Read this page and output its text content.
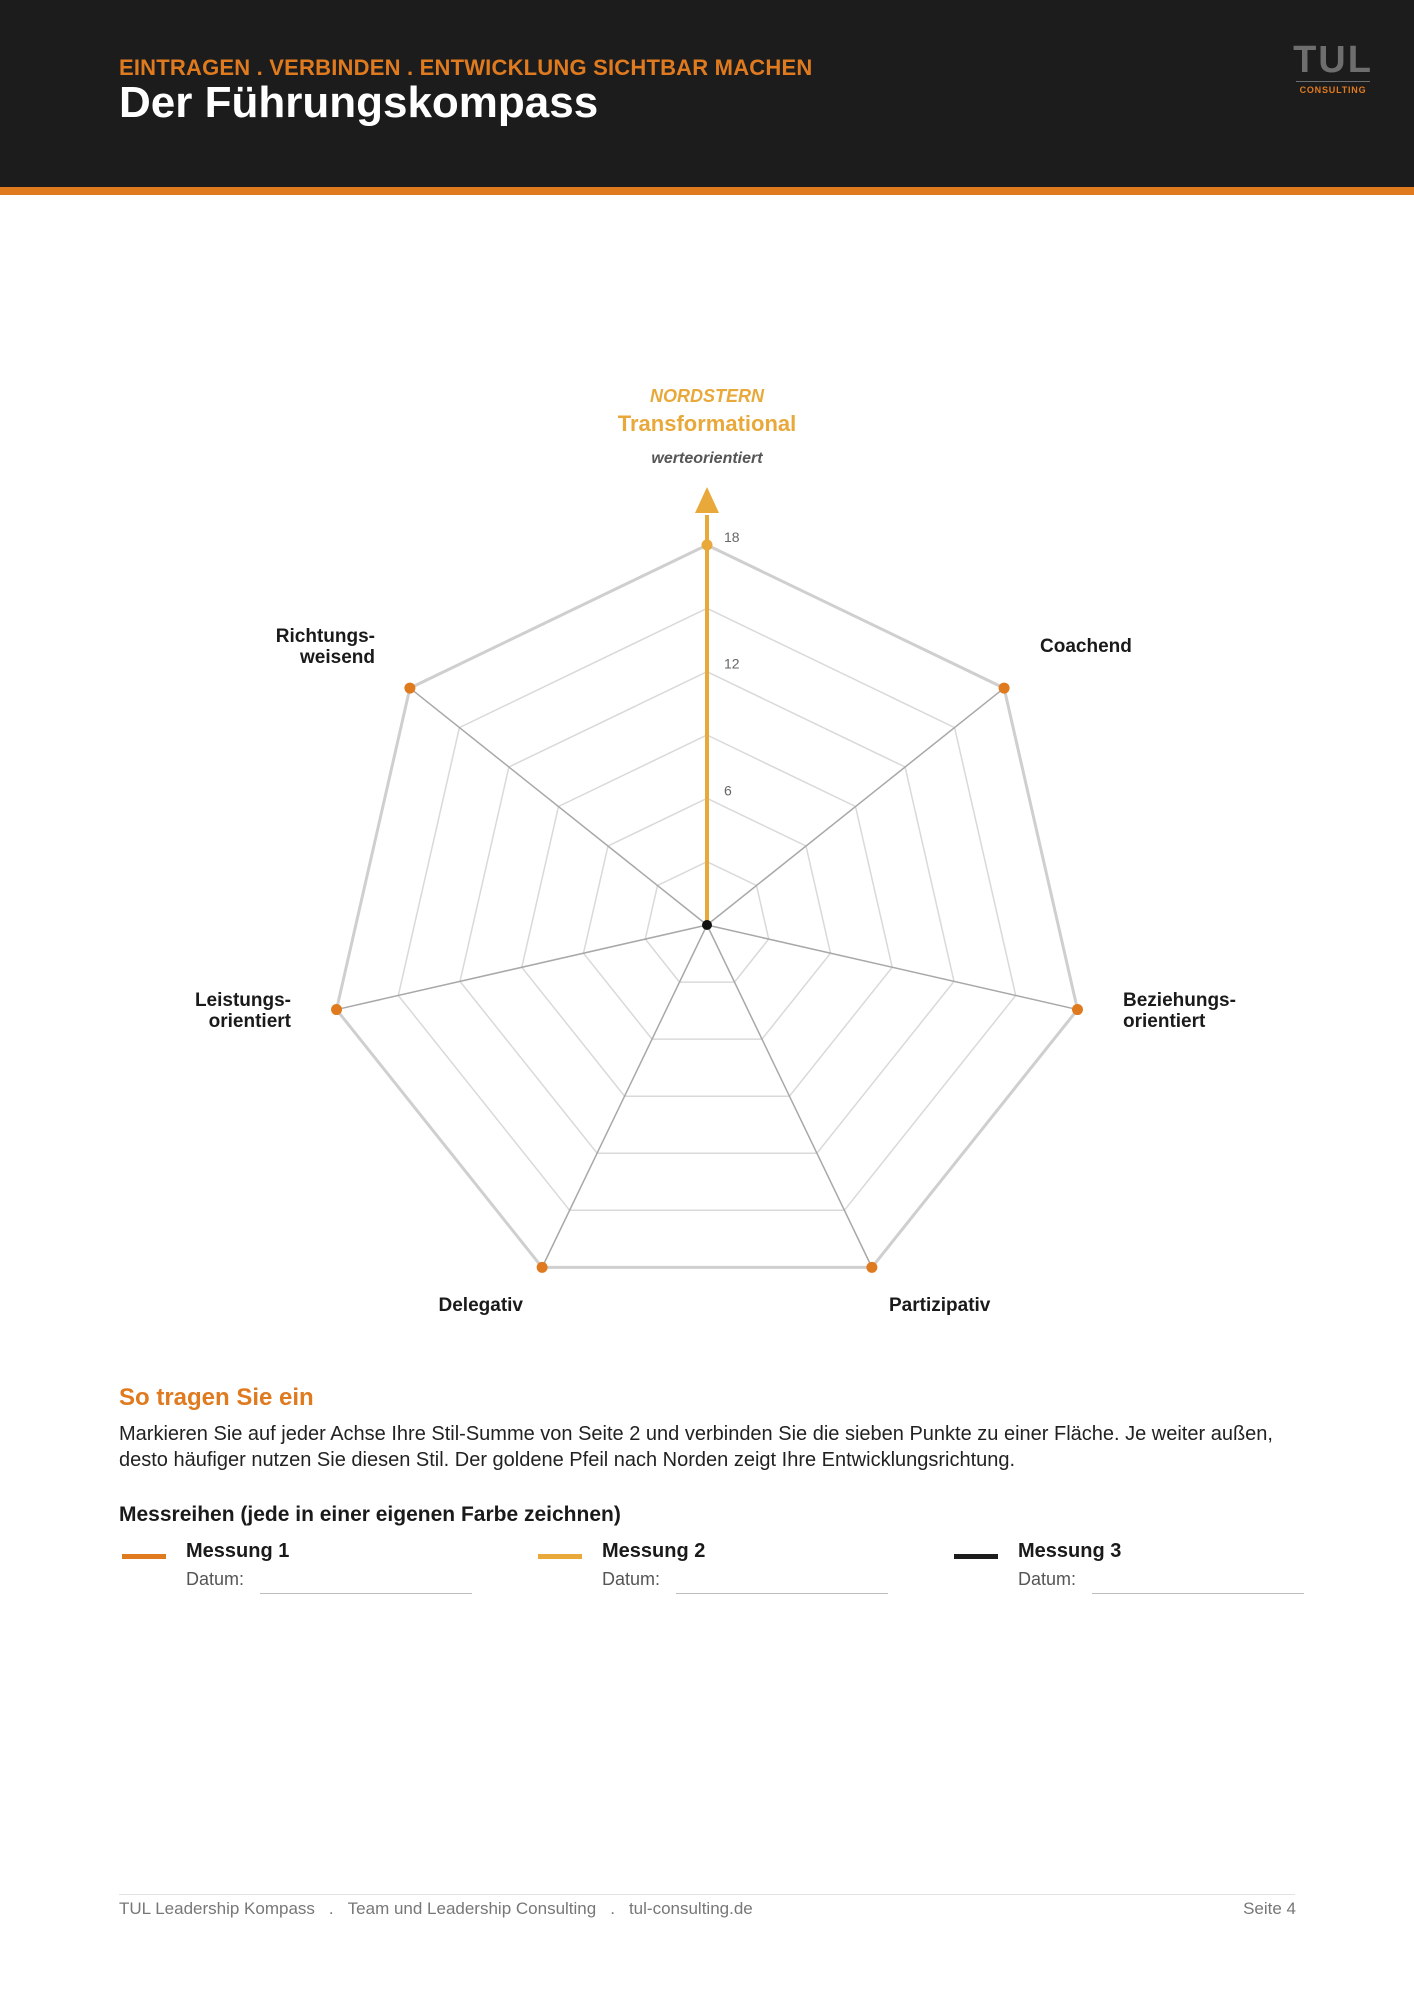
EINTRAGEN . VERBINDEN . ENTWICKLUNG SICHTBAR MACHEN
Der Führungskompass
TUL
CONSULTING
6
12
18
NORDSTERN
Transformational
werteorientiert
Coachend
Beziehungs-orientiert
Partizipativ
Delegativ
Leistungs-orientiert
Richtungs-weisend
So tragen Sie ein
Markieren Sie auf jeder Achse Ihre Stil-Summe von Seite 2 und verbinden Sie die sieben Punkte zu einer Fläche. Je weiter außen, desto häufiger nutzen Sie diesen Stil. Der goldene Pfeil nach Norden zeigt Ihre Entwicklungsrichtung.
Messreihen (jede in einer eigenen Farbe zeichnen)
Messung 1
Datum:
Messung 2
Datum:
Messung 3
Datum:
TUL Leadership Kompass . Team und Leadership Consulting . tul-consulting.de	Seite 4
